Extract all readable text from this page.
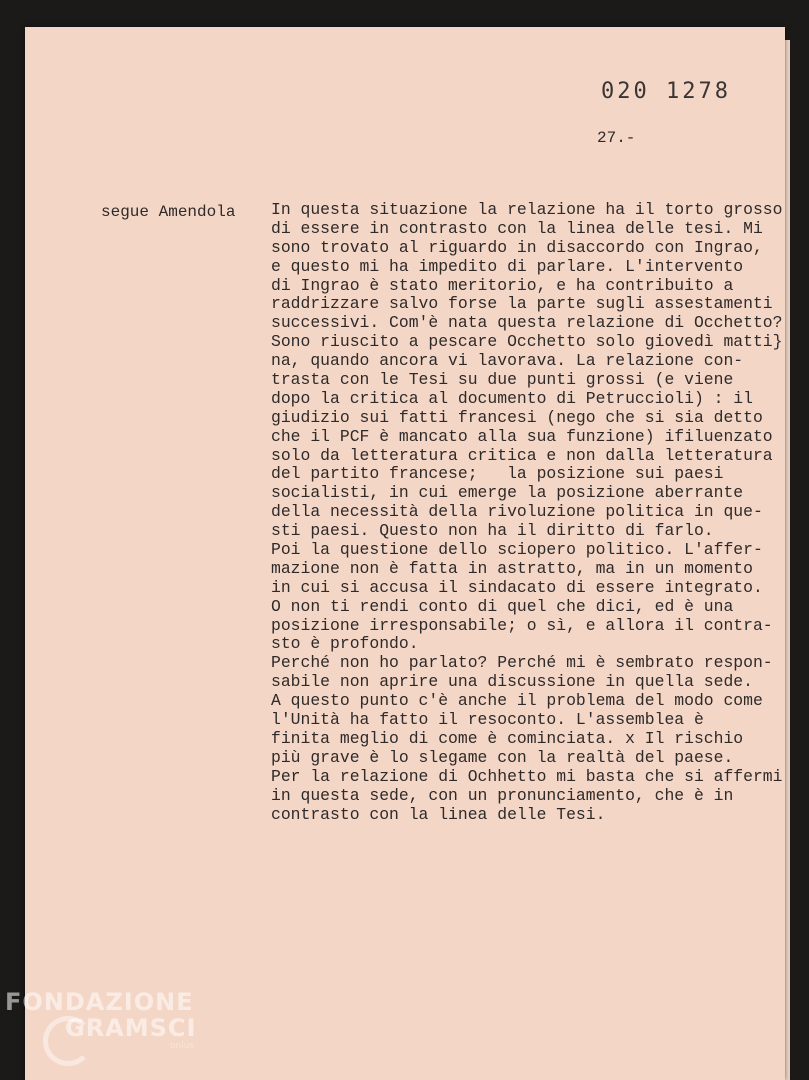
020 1278
27.-
segue Amendola In questa situazione la relazione ha il torto grosso
di essere in contrasto con la linea delle tesi. Mi
sono trovato al riguardo in disaccordo con Ingrao,
e questo mi ha impedito di parlare. L'intervento
di Ingrao è stato meritorio, e ha contribuito a
raddrizzare salvo forse la parte sugli assestamenti
successivi. Com'è nata questa relazione di Occhetto?
Sono riuscito a pescare Occhetto solo giovedì matti}
na, quando ancora vi lavorava. La relazione con-
trasta con le Tesi su due punti grossi (e viene
dopo la critica al documento di Petruccioli) : il
giudizio sui fatti francesi (nego che si sia detto
che il PCF è mancato alla sua funzione) ifiluenzato
solo da letteratura critica e non dalla letteratura
del partito francese;   la posizione sui paesi
socialisti, in cui emerge la posizione aberrante
della necessità della rivoluzione politica in que-
sti paesi. Questo non ha il diritto di farlo.
Poi la questione dello sciopero politico. L'affer-
mazione non è fatta in astratto, ma in un momento
in cui si accusa il sindacato di essere integrato.
O non ti rendi conto di quel che dici, ed è una
posizione irresponsabile; o sì, e allora il contra-
sto è profondo.
Perché non ho parlato? Perché mi è sembrato respon-
sabile non aprire una discussione in quella sede.
A questo punto c'è anche il problema del modo come
l'Unità ha fatto il resoconto. L'assemblea è
finita meglio di come è cominciata. x Il rischio
più grave è lo slegame con la realtà del paese.
Per la relazione di Ochhetto mi basta che si affermi
in questa sede, con un pronunciamento, che è in
contrasto con la linea delle Tesi.
FONDAZIONE
GRAMSCI
onlus
